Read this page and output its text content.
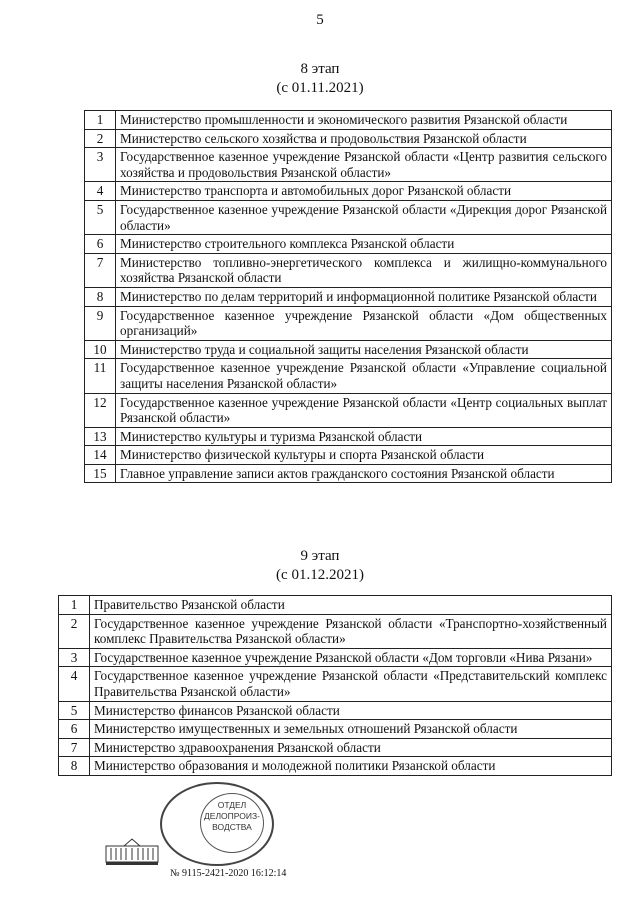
5
8 этап
(с 01.11.2021)
1	Министерство промышленности и экономического развития Рязанской области
2	Министерство сельского хозяйства и продовольствия Рязанской области
3	Государственное казенное учреждение Рязанской области «Центр развития сельского хозяйства и продовольствия Рязанской области»
4	Министерство транспорта и автомобильных дорог Рязанской области
5	Государственное казенное учреждение Рязанской области «Дирекция дорог Рязанской области»
6	Министерство строительного комплекса Рязанской области
7	Министерство топливно-энергетического комплекса и жилищно-коммунального хозяйства Рязанской области
8	Министерство по делам территорий и информационной политике Рязанской области
9	Государственное казенное учреждение Рязанской области «Дом общественных организаций»
10	Министерство труда и социальной защиты населения Рязанской области
11	Государственное казенное учреждение Рязанской области «Управление социальной защиты населения Рязанской области»
12	Государственное казенное учреждение Рязанской области «Центр социальных выплат Рязанской области»
13	Министерство культуры и туризма Рязанской области
14	Министерство физической культуры и спорта Рязанской области
15	Главное управление записи актов гражданского состояния Рязанской области
9 этап
(с 01.12.2021)
1	Правительство Рязанской области
2	Государственное казенное учреждение Рязанской области «Транспортно-хозяйственный комплекс Правительства Рязанской области»
3	Государственное казенное учреждение Рязанской области «Дом торговли «Нива Рязани»
4	Государственное казенное учреждение Рязанской области «Представительский комплекс Правительства Рязанской области»
5	Министерство финансов Рязанской области
6	Министерство имущественных и земельных отношений Рязанской области
7	Министерство здравоохранения Рязанской области
8	Министерство образования и молодежной политики Рязанской области
ОТДЕЛ
ДЕЛОПРОИЗ-
ВОДСТВА
№ 9115-2421-2020 16:12:14
